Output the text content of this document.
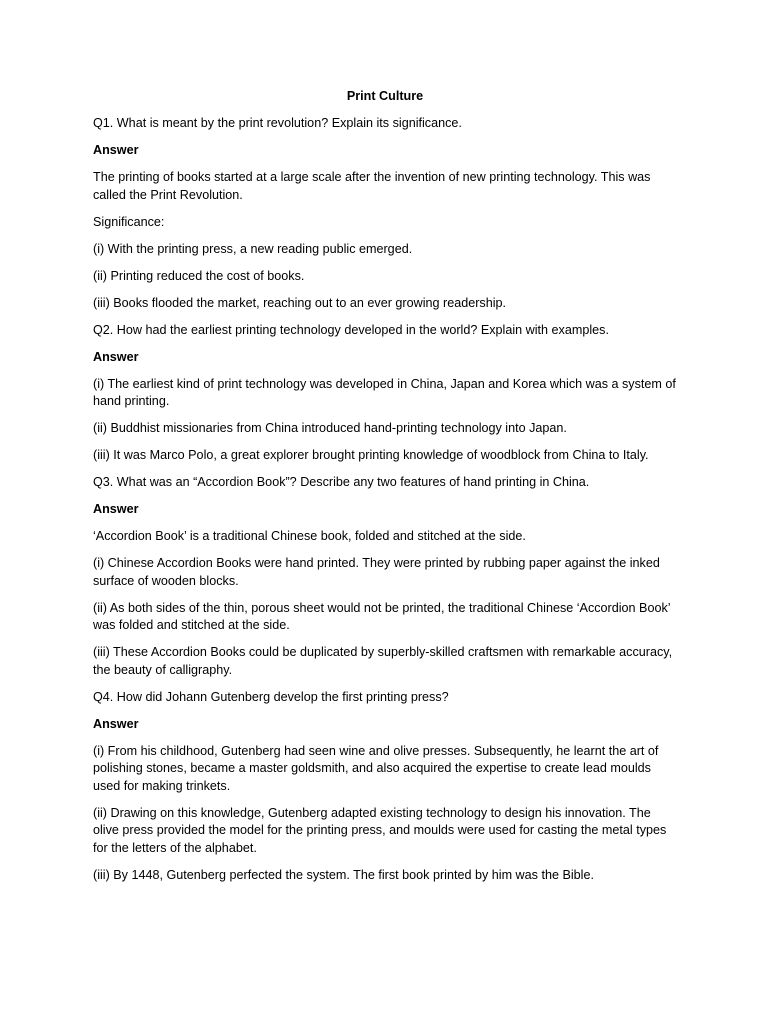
Print Culture
Q1. What is meant by the print revolution? Explain its significance.
Answer
The printing of books started at a large scale after the invention of new printing technology. This was called the Print Revolution.
Significance:
(i) With the printing press, a new reading public emerged.
(ii) Printing reduced the cost of books.
(iii) Books flooded the market, reaching out to an ever growing readership.
Q2. How had the earliest printing technology developed in the world? Explain with examples.
Answer
(i) The earliest kind of print technology was developed in China, Japan and Korea which was a system of hand printing.
(ii) Buddhist missionaries from China introduced hand-printing technology into Japan.
(iii) It was Marco Polo, a great explorer brought printing knowledge of woodblock from China to Italy.
Q3. What was an “Accordion Book”? Describe any two features of hand printing in China.
Answer
‘Accordion Book’ is a traditional Chinese book, folded and stitched at the side.
(i) Chinese Accordion Books were hand printed. They were printed by rubbing paper against the inked surface of wooden blocks.
(ii) As both sides of the thin, porous sheet would not be printed, the traditional Chinese ‘Accordion Book’ was folded and stitched at the side.
(iii) These Accordion Books could be duplicated by superbly-skilled craftsmen with remarkable accuracy, the beauty of calligraphy.
Q4. How did Johann Gutenberg develop the first printing press?
Answer
(i) From his childhood, Gutenberg had seen wine and olive presses. Subsequently, he learnt the art of polishing stones, became a master goldsmith, and also acquired the expertise to create lead moulds used for making trinkets.
(ii) Drawing on this knowledge, Gutenberg adapted existing technology to design his innovation. The olive press provided the model for the printing press, and moulds were used for casting the metal types for the letters of the alphabet.
(iii) By 1448, Gutenberg perfected the system. The first book printed by him was the Bible.
